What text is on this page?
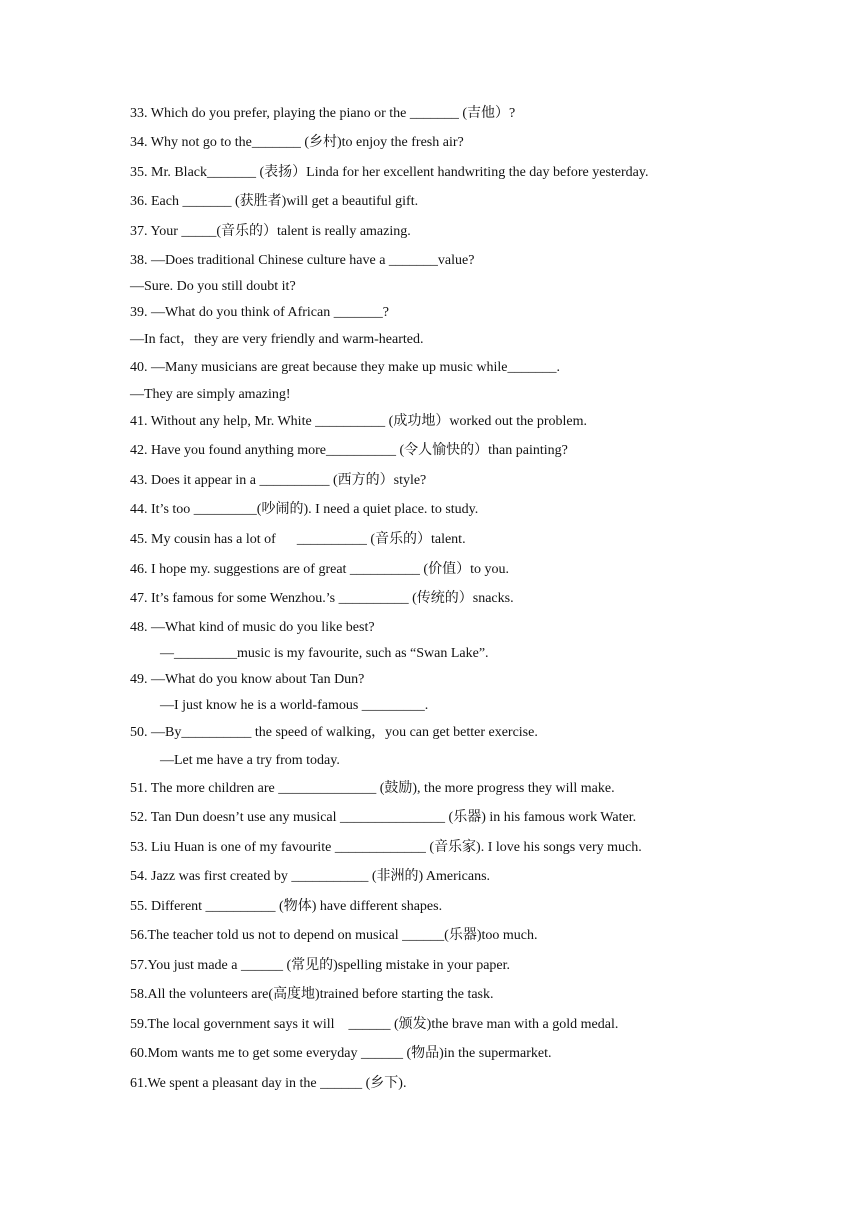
33. Which do you prefer, playing the piano or the _______ (吉他）?
34. Why not go to the_______ (乡村)to enjoy the fresh air?
35. Mr. Black_______ (表扬）Linda for her excellent handwriting the day before yesterday.
36. Each _______ (获胜者)will get a beautiful gift.
37. Your _____(音乐的）talent is really amazing.
38. —Does traditional Chinese culture have a _______value?
—Sure. Do you still doubt it?
39. —What do you think of African _______?
—In fact，they are very friendly and warm-hearted.
40. —Many musicians are great because they make up music while_______.
—They are simply amazing!
41. Without any help, Mr. White __________ (成功地）worked out the problem.
42. Have you found anything more__________ (令人愉快的）than painting?
43. Does it appear in a __________ (西方的）style?
44. It’s too _________(吵闹的). I need a quiet place. to study.
45. My cousin has a lot of      __________ (音乐的）talent.
46. I hope my. suggestions are of great __________ (价值）to you.
47. It’s famous for some Wenzhou.’s __________ (传统的）snacks.
48. —What kind of music do you like best?
—_________music is my favourite, such as “Swan Lake”.
49. —What do you know about Tan Dun?
—I just know he is a world-famous _________.
50. —By__________ the speed of walking，you can get better exercise.
—Let me have a try from today.
51. The more children are ______________ (鼓励), the more progress they will make.
52. Tan Dun doesn’t use any musical _______________ (乐器) in his famous work Water.
53. Liu Huan is one of my favourite _____________ (音乐家). I love his songs very much.
54. Jazz was first created by ___________ (非洲的) Americans.
55. Different __________ (物体) have different shapes.
56.The teacher told us not to depend on musical ______(乐器)too much.
57.You just made a ______ (常见的)spelling mistake in your paper.
58.All the volunteers are(高度地)trained before starting the task.
59.The local government says it will    ______ (颁发)the brave man with a gold medal.
60.Mom wants me to get some everyday ______ (物品)in the supermarket.
61.We spent a pleasant day in the ______ (乡下).
